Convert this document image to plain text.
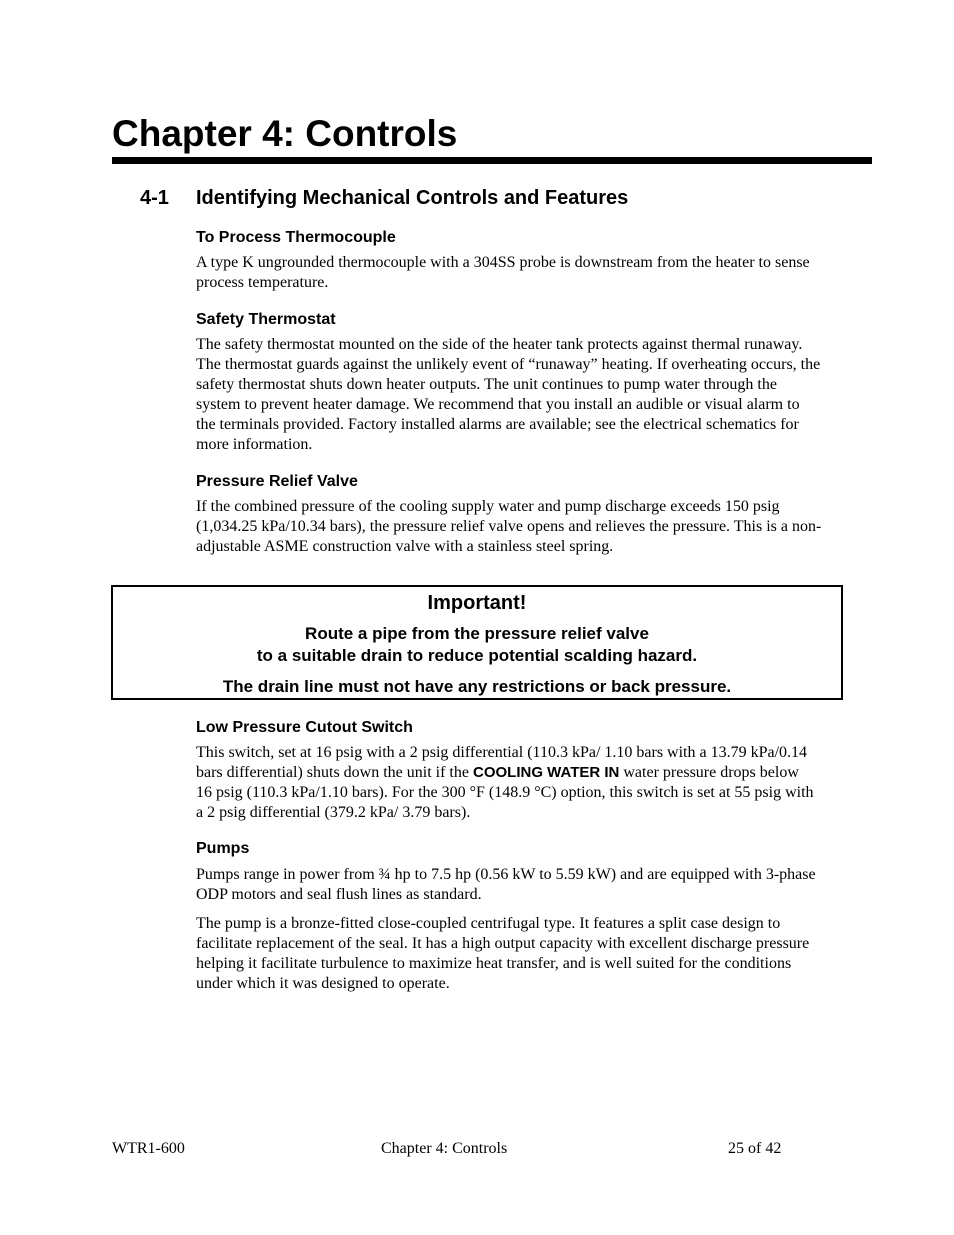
Chapter 4: Controls
4-1 Identifying Mechanical Controls and Features
To Process Thermocouple

A type K ungrounded thermocouple with a 304SS probe is downstream from the heater to sense
process temperature.

Safety Thermostat

The safety thermostat mounted on the side of the heater tank protects against thermal runaway.
The thermostat guards against the unlikely event of “runaway” heating. If overheating occurs, the
safety thermostat shuts down heater outputs. The unit continues to pump water through the
system to prevent heater damage. We recommend that you install an audible or visual alarm to
the terminals provided. Factory installed alarms are available; see the electrical schematics for
more information.

Pressure Relief Valve

If the combined pressure of the cooling supply water and pump discharge exceeds 150 psig
(1,034.25 kPa/10.34 bars), the pressure relief valve opens and relieves the pressure. This is a non-
adjustable ASME construction valve with a stainless steel spring.

Important!
Route a pipe from the pressure relief valve
to a suitable drain to reduce potential scalding hazard.
The drain line must not have any restrictions or back pressure.
Low Pressure Cutout Switch

This switch, set at 16 psig with a 2 psig differential (110.3 kPa/ 1.10 bars with a 13.79 kPa/0.14
bars differential) shuts down the unit if the COOLING WATER IN water pressure drops below
16 psig (110.3 kPa/1.10 bars). For the 300 °F (148.9 °C) option, this switch is set at 55 psig with
a 2 psig differential (379.2 kPa/ 3.79 bars).

Pumps

Pumps range in power from ¾ hp to 7.5 hp (0.56 kW to 5.59 kW) and are equipped with 3-phase
ODP motors and seal flush lines as standard.

The pump is a bronze-fitted close-coupled centrifugal type. It features a split case design to
facilitate replacement of the seal. It has a high output capacity with excellent discharge pressure
helping it facilitate turbulence to maximize heat transfer, and is well suited for the conditions
under which it was designed to operate.

WTR1-600	Chapter 4: Controls	25 of 42
